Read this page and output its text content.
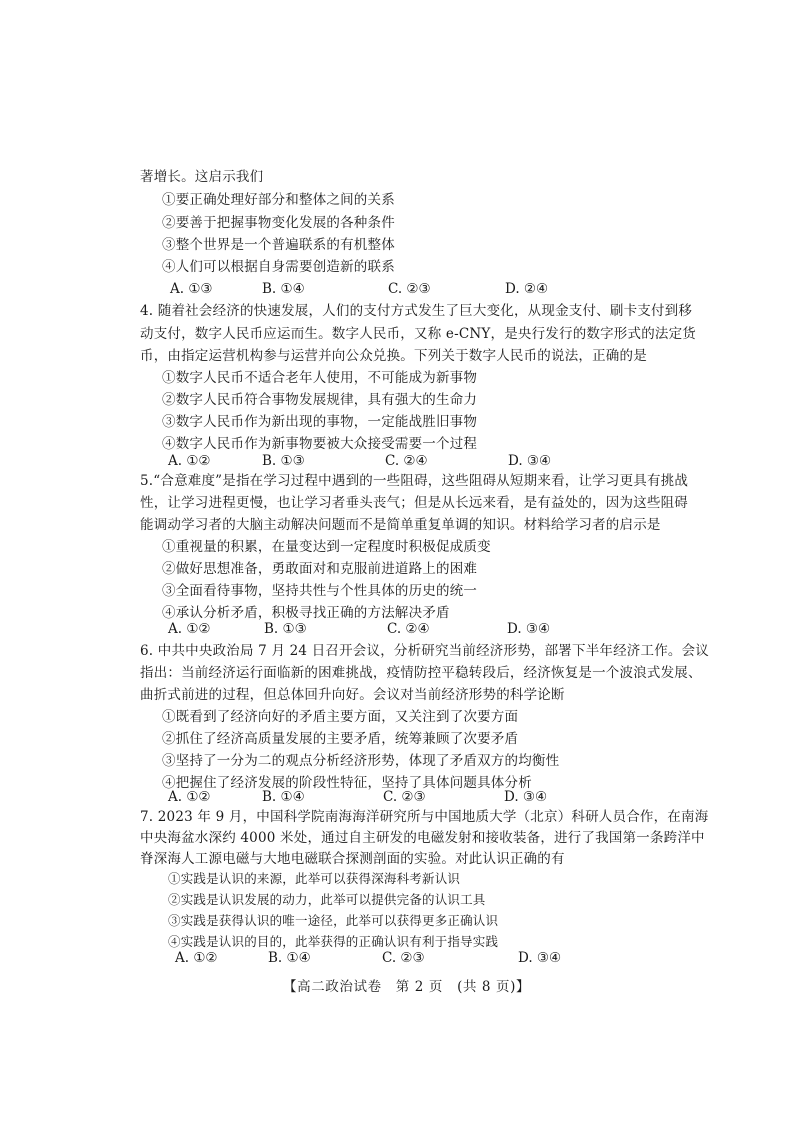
著增长。这启示我们
①要正确处理好部分和整体之间的关系
②要善于把握事物变化发展的各种条件
③整个世界是一个普遍联系的有机整体
④人们可以根据自身需要创造新的联系
A. ①③	B. ①④	C. ②③	D. ②④
4. 随着社会经济的快速发展，人们的支付方式发生了巨大变化，从现金支付、刷卡支付到移
动支付，数字人民币应运而生。数字人民币，又称 e-CNY，是央行发行的数字形式的法定货
币，由指定运营机构参与运营并向公众兑换。下列关于数字人民币的说法，正确的是
①数字人民币不适合老年人使用，不可能成为新事物
②数字人民币符合事物发展规律，具有强大的生命力
③数字人民币作为新出现的事物，一定能战胜旧事物
④数字人民币作为新事物要被大众接受需要一个过程
A. ①②	B. ①③	C. ②④	D. ③④
5.“合意难度”是指在学习过程中遇到的一些阻碍，这些阻碍从短期来看，让学习更具有挑战
性，让学习进程更慢，也让学习者垂头丧气；但是从长远来看，是有益处的，因为这些阻碍
能调动学习者的大脑主动解决问题而不是简单重复单调的知识。材料给学习者的启示是
①重视量的积累，在量变达到一定程度时积极促成质变
②做好思想准备，勇敢面对和克服前进道路上的困难
③全面看待事物，坚持共性与个性具体的历史的统一
④承认分析矛盾，积极寻找正确的方法解决矛盾
A. ①②	B. ①③	C. ②④	D. ③④
6. 中共中央政治局 7 月 24 日召开会议，分析研究当前经济形势，部署下半年经济工作。会议
指出：当前经济运行面临新的困难挑战，疫情防控平稳转段后，经济恢复是一个波浪式发展、
曲折式前进的过程，但总体回升向好。会议对当前经济形势的科学论断
①既看到了经济向好的矛盾主要方面，又关注到了次要方面
②抓住了经济高质量发展的主要矛盾，统筹兼顾了次要矛盾
③坚持了一分为二的观点分析经济形势，体现了矛盾双方的均衡性
④把握住了经济发展的阶段性特征，坚持了具体问题具体分析
A. ①②	B. ①④	C. ②③	D. ③④
7. 2023 年 9 月，中国科学院南海海洋研究所与中国地质大学（北京）科研人员合作，在南海
中央海盆水深约 4000 米处，通过自主研发的电磁发射和接收装备，进行了我国第一条跨洋中
脊深海人工源电磁与大地电磁联合探测剖面的实验。对此认识正确的有
①实践是认识的来源，此举可以获得深海科考新认识
②实践是认识发展的动力，此举可以提供完备的认识工具
③实践是获得认识的唯一途径，此举可以获得更多正确认识
④实践是认识的目的，此举获得的正确认识有利于指导实践
A. ①②	B. ①④	C. ②③	D. ③④
【高二政治试卷　第 2 页　(共 8 页)】
